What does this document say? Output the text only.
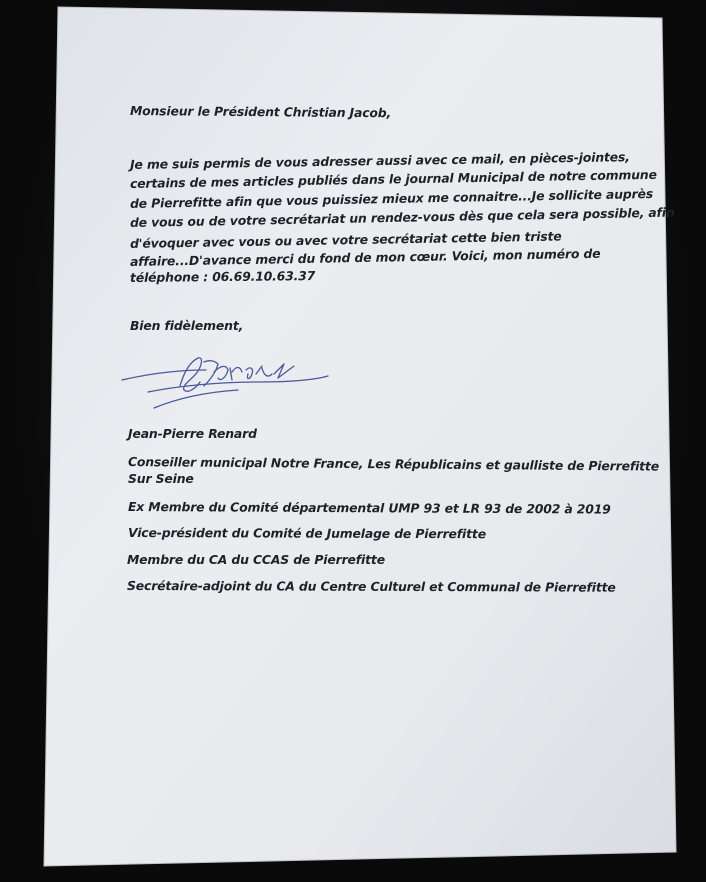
Monsieur le Président Christian Jacob,
Je me suis permis de vous adresser aussi avec ce mail, en pièces-jointes,
certains de mes articles publiés dans le journal Municipal de notre commune
de Pierrefitte afin que vous puissiez mieux me connaitre...Je sollicite auprès
de vous ou de votre secrétariat un rendez-vous dès que cela sera possible, afin
d'évoquer avec vous ou avec votre secrétariat cette bien triste
affaire...D'avance merci du fond de mon cœur. Voici, mon numéro de
téléphone : 06.69.10.63.37
Bien fidèlement,
Jean-Pierre Renard
Conseiller municipal Notre France, Les Républicains et gaulliste de Pierrefitte
Sur Seine
Ex Membre du Comité départemental UMP 93 et LR 93 de 2002 à 2019
Vice-président du Comité de Jumelage de Pierrefitte
Membre du CA du CCAS de Pierrefitte
Secrétaire-adjoint du CA du Centre Culturel et Communal de Pierrefitte
